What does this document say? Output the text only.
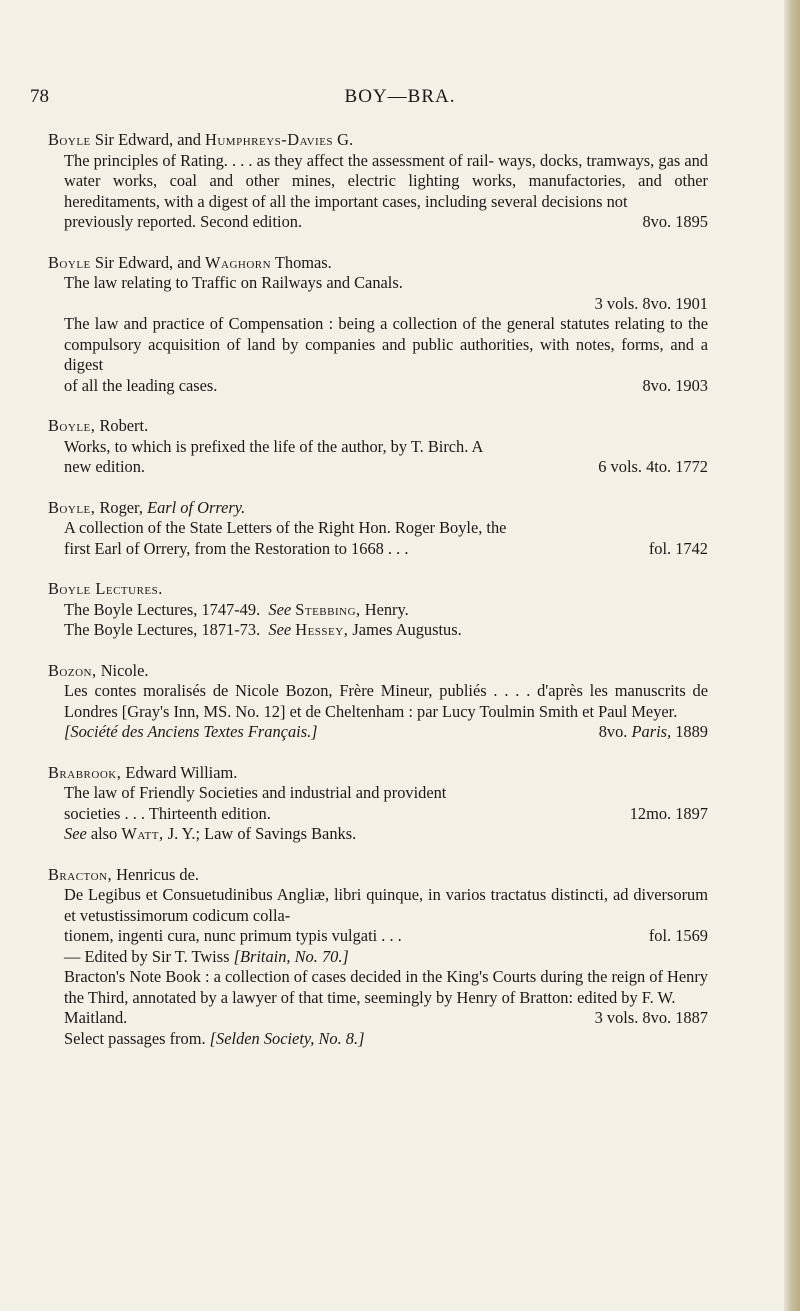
78	BOY—BRA.
Boyle Sir Edward, and Humphreys-Davies G.
The principles of Rating. . . . as they affect the assessment of rail- ways, docks, tramways, gas and water works, coal and other mines, electric lighting works, manufactories, and other hereditaments, with a digest of all the important cases, including several decisions not
previously reported. Second edition.	8vo. 1895
Boyle Sir Edward, and Waghorn Thomas.
The law relating to Traffic on Railways and Canals.
3 vols. 8vo. 1901
The law and practice of Compensation : being a collection of the general statutes relating to the compulsory acquisition of land by companies and public authorities, with notes, forms, and a digest
of all the leading cases.	8vo. 1903
Boyle, Robert.
Works, to which is prefixed the life of the author, by T. Birch. A
new edition.	6 vols. 4to. 1772
Boyle, Roger, Earl of Orrery.
A collection of the State Letters of the Right Hon. Roger Boyle, the
first Earl of Orrery, from the Restoration to 1668 . . .	fol. 1742
Boyle Lectures.
The Boyle Lectures, 1747-49. See Stebbing, Henry.
The Boyle Lectures, 1871-73. See Hessey, James Augustus.
Bozon, Nicole.
Les contes moralisés de Nicole Bozon, Frère Mineur, publiés . . . . d'après les manuscrits de Londres [Gray's Inn, MS. No. 12] et de Cheltenham : par Lucy Toulmin Smith et Paul Meyer.
[Société des Anciens Textes Français.]	8vo. Paris, 1889
Brabrook, Edward William.
The law of Friendly Societies and industrial and provident
societies . . . Thirteenth edition.	12mo. 1897
See also Watt, J. Y.; Law of Savings Banks.
Bracton, Henricus de.
De Legibus et Consuetudinibus Angliæ, libri quinque, in varios tractatus distincti, ad diversorum et vetustissimorum codicum colla-
tionem, ingenti cura, nunc primum typis vulgati . . .	fol. 1569
— Edited by Sir T. Twiss [Britain, No. 70.]
Bracton's Note Book : a collection of cases decided in the King's Courts during the reign of Henry the Third, annotated by a lawyer of that time, seemingly by Henry of Bratton: edited by F. W.
Maitland.	3 vols. 8vo. 1887
Select passages from. [Selden Society, No. 8.]
